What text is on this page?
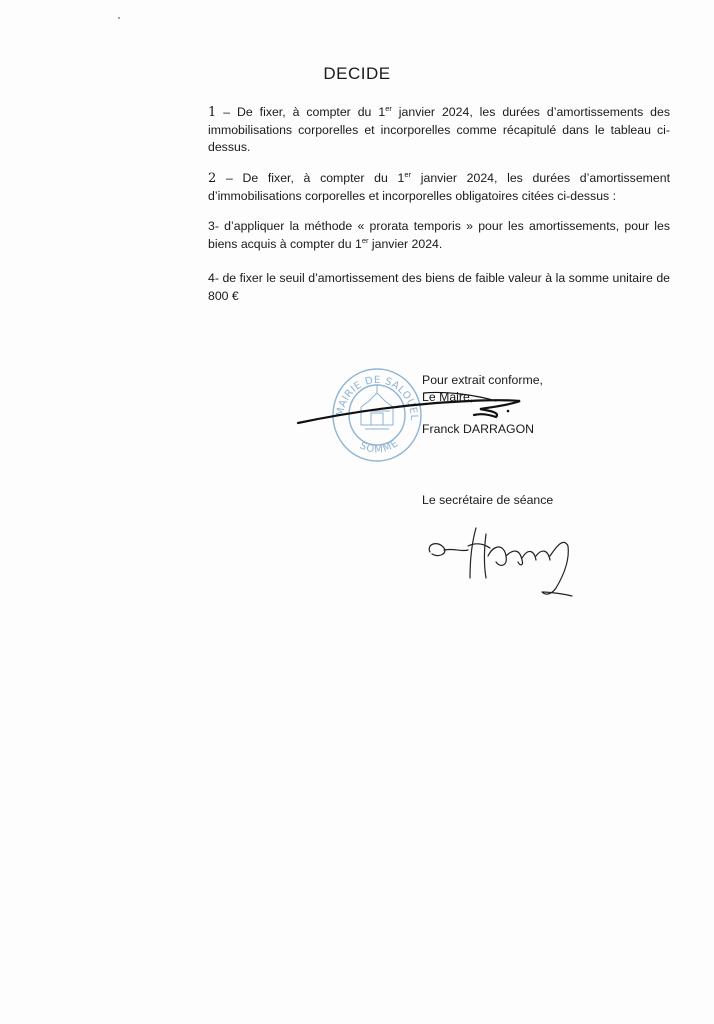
DECIDE
1 – De fixer, à compter du 1er janvier 2024, les durées d’amortissements des immobilisations corporelles et incorporelles comme récapitulé dans le tableau ci-dessus.
2 – De fixer, à compter du 1er janvier 2024, les durées d’amortissement d’immobilisations corporelles et incorporelles obligatoires citées ci-dessus :
3- d’appliquer la méthode « prorata temporis » pour les amortissements, pour les biens acquis à compter du 1er janvier 2024.
4- de fixer le seuil d’amortissement des biens de faible valeur à la somme unitaire de 800 €
MAIRIE DE SALOUEL
SOMME
Pour extrait conforme,
Le Maire,
Franck DARRAGON
Le secrétaire de séance
